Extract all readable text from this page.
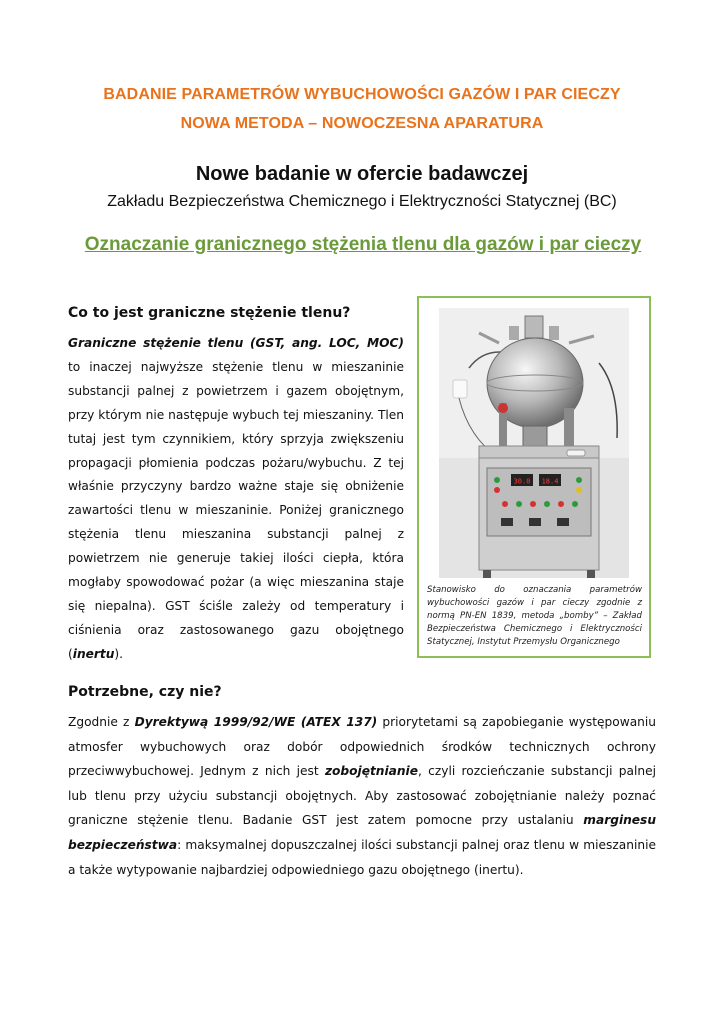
BADANIE PARAMETRÓW WYBUCHOWOŚCI GAZÓW I PAR CIECZY
NOWA METODA – NOWOCZESNA APARATURA
Nowe badanie w ofercie badawczej
Zakładu Bezpieczeństwa Chemicznego i Elektryczności Statycznej (BC)
Oznaczanie granicznego stężenia tlenu dla gazów i par cieczy
Co to jest graniczne stężenie tlenu?
Graniczne stężenie tlenu (GST, ang. LOC, MOC) to inaczej najwyższe stężenie tlenu w mieszaninie substancji palnej z powietrzem i gazem obojętnym, przy którym nie następuje wybuch tej mieszaniny. Tlen tutaj jest tym czynnikiem, który sprzyja zwiększeniu propagacji płomienia podczas pożaru/wybuchu. Z tej właśnie przyczyny bardzo ważne staje się obniżenie zawartości tlenu w mieszaninie. Poniżej granicznego stężenia tlenu mieszanina substancji palnej z powietrzem nie generuje takiej ilości ciepła, która mogłaby spowodować pożar (a więc mieszanina staje się niepalna). GST ściśle zależy od temperatury i ciśnienia oraz zastosowanego gazu obojętnego (inertu).
30.0 18.4
Stanowisko do oznaczania parametrów wybuchowości gazów i par cieczy zgodnie z normą PN-EN 1839, metoda „bomby” – Zakład Bezpieczeństwa Chemicznego i Elektryczności Statycznej, Instytut Przemysłu Organicznego
Potrzebne, czy nie?
Zgodnie z Dyrektywą 1999/92/WE (ATEX 137) priorytetami są zapobieganie występowaniu atmosfer wybuchowych oraz dobór odpowiednich środków technicznych ochrony przeciwwybuchowej. Jednym z nich jest zobojętnianie, czyli rozcieńczanie substancji palnej lub tlenu przy użyciu substancji obojętnych. Aby zastosować zobojętnianie należy poznać graniczne stężenie tlenu. Badanie GST jest zatem pomocne przy ustalaniu marginesu bezpieczeństwa: maksymalnej dopuszczalnej ilości substancji palnej oraz tlenu w mieszaninie a także wytypowanie najbardziej odpowiedniego gazu obojętnego (inertu).
